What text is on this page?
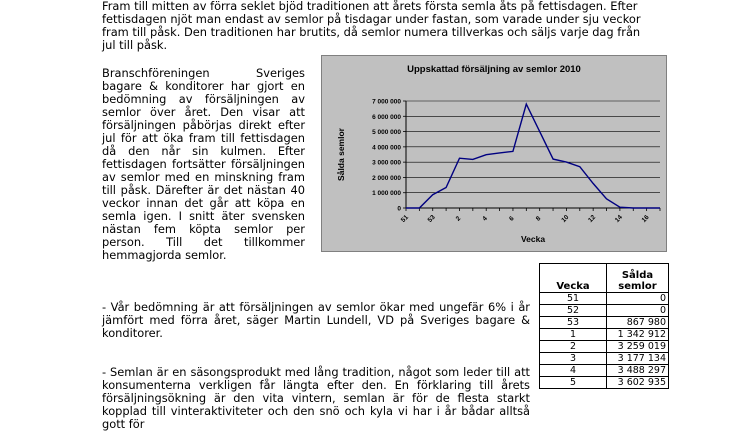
Fram till mitten av förra seklet bjöd traditionen att årets första semla åts på fettisdagen. Efter fettisdagen njöt man endast av semlor på tisdagar under fastan, som varade under sju veckor fram till påsk. Den traditionen har brutits, då semlor numera tillverkas och säljs varje dag från jul till påsk.

Branschföreningen Sveriges bagare & konditorer har gjort en bedömning av försäljningen av semlor över året. Den visar att försäljningen påbörjas direkt efter jul för att öka fram till fettisdagen då den når sin kulmen. Efter fettisdagen fortsätter försäljningen av semlor med en minskning fram till påsk. Därefter är det nästan 40 veckor innan det går att köpa en semla igen. I snitt äter svensken nästan fem köpta semlor per person. Till det tillkommer hemmagjorda semlor.

Uppskattad försäljning av semlor 2010
0
1 000 000
2 000 000
3 000 000
4 000 000
5 000 000
6 000 000
7 000 000
51	53	2	4	6	8	10	12	14	16
Vecka
Sålda semlor
Vecka	Sålda
semlor
51	0
52	0
53	867 980
1	1 342 912
2	3 259 019
3	3 177 134
4	3 488 297
5	3 602 935

- Vår bedömning är att försäljningen av semlor ökar med ungefär 6% i år jämfört med förra året, säger Martin Lundell, VD på Sveriges bagare & konditorer.

- Semlan är en säsongsprodukt med lång tradition, något som leder till att konsumenterna verkligen får längta efter den. En förklaring till årets försäljningsökning är den vita vintern, semlan är för de flesta starkt kopplad till vinteraktiviteter och den snö och kyla vi har i år bådar alltså gott för
